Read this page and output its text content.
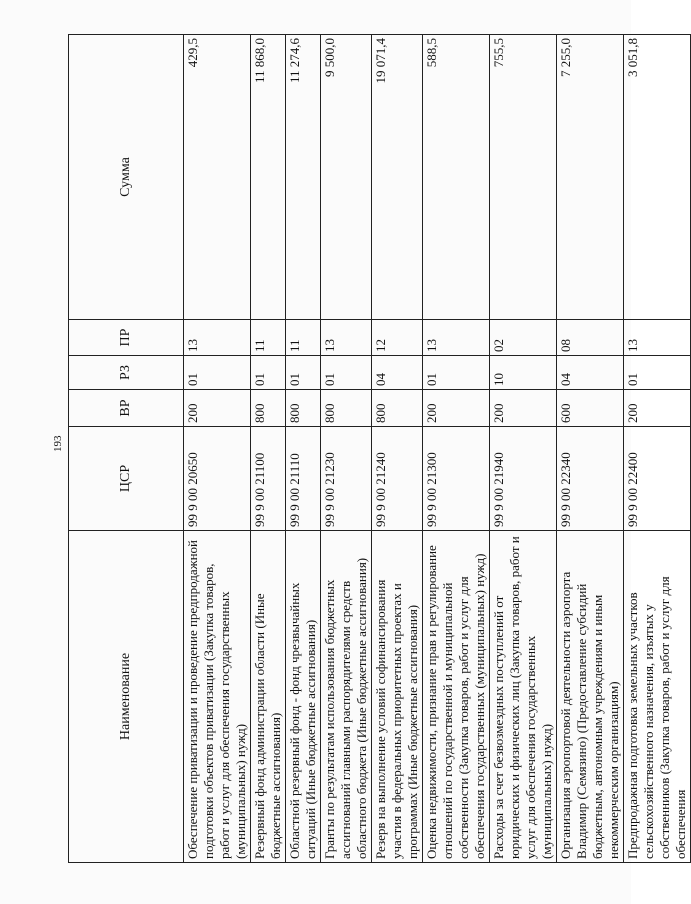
193
Наименование	ЦСР	ВР	РЗ	ПР	Сумма
Обеспечение приватизации и проведение предпродажной подготовки объектов приватизации (Закупка товаров, работ и услуг для обеспечения государственных (муниципальных) нужд)	99 9 00 20650	200	01	13	429,5
Резервный фонд администрации области (Иные бюджетные ассигнования)	99 9 00 21100	800	01	11	11 868,0
Областной резервный фонд - фонд чрезвычайных ситуаций (Иные бюджетные ассигнования)	99 9 00 21110	800	01	11	11 274,6
Гранты по результатам использования бюджетных ассигнований главными распорядителями средств областного бюджета (Иные бюджетные ассигнования)	99 9 00 21230	800	01	13	9 500,0
Резерв на выполнение условий софинансирования участия в федеральных приоритетных проектах и программах (Иные бюджетные ассигнования)	99 9 00 21240	800	04	12	19 071,4
Оценка недвижимости, признание прав и регулирование отношений по государственной и муниципальной собственности (Закупка товаров, работ и услуг для обеспечения государственных (муниципальных) нужд)	99 9 00 21300	200	01	13	588,5
Расходы за счет безвозмездных поступлений от юридических и физических лиц (Закупка товаров, работ и услуг для обеспечения государственных (муниципальных) нужд)	99 9 00 21940	200	10	02	755,5
Организация аэропортовой деятельности аэропорта Владимир (Семязино) (Предоставление субсидий бюджетным, автономным учреждениям и иным некоммерческим организациям)	99 9 00 22340	600	04	08	7 255,0
Предпродажная подготовка земельных участков сельскохозяйственного назначения, изъятых у собственников (Закупка товаров, работ и услуг для обеспечения	99 9 00 22400	200	01	13	3 051,8
